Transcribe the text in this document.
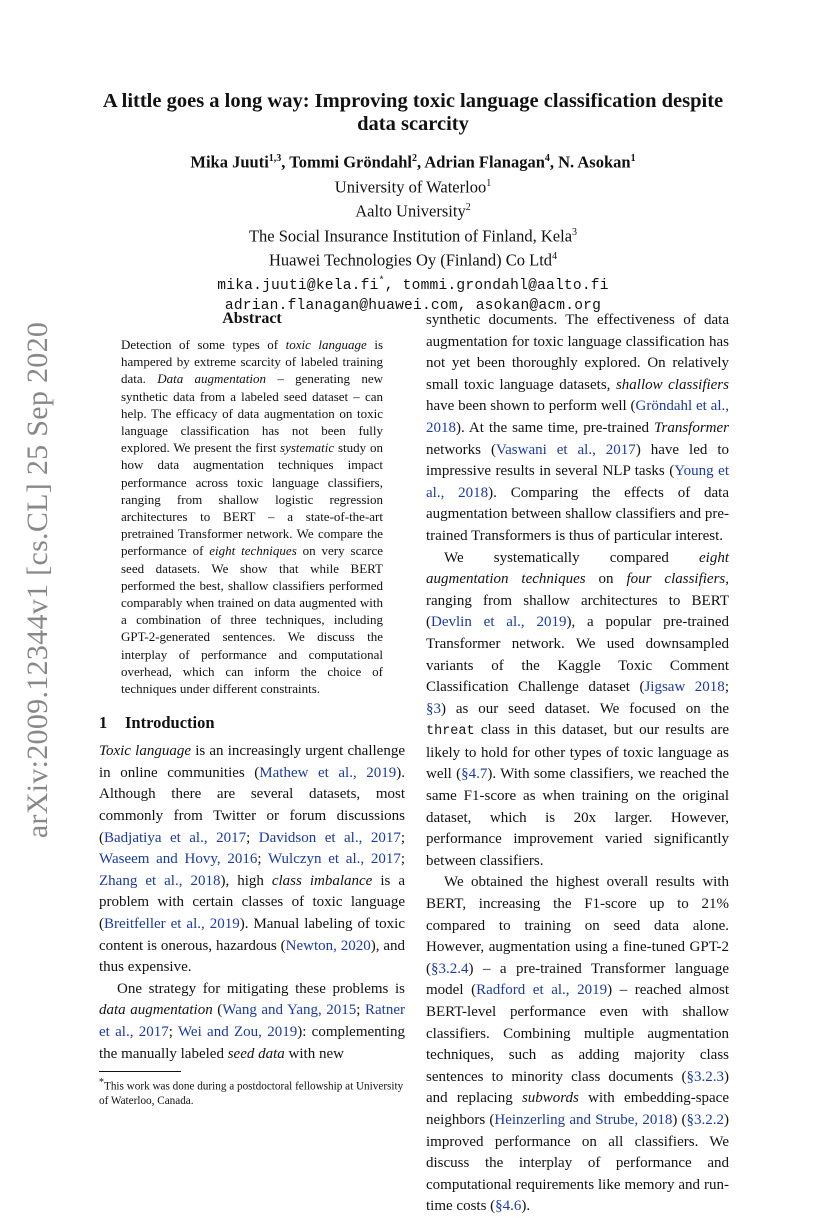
arXiv:2009.12344v1 [cs.CL] 25 Sep 2020
A little goes a long way: Improving toxic language classification despite data scarcity
Mika Juuti$^{1,3}$, Tommi Gröndahl$^2$, Adrian Flanagan$^4$, N. Asokan$^1$
University of Waterloo$^1$
Aalto University$^2$
The Social Insurance Institution of Finland, Kela$^3$
Huawei Technologies Oy (Finland) Co Ltd$^4$
mika.juuti@kela.fi*, tommi.grondahl@aalto.fi
adrian.flanagan@huawei.com, asokan@acm.org
Abstract
Detection of some types of toxic language is hampered by extreme scarcity of labeled training data. Data augmentation – generating new synthetic data from a labeled seed dataset – can help. The efficacy of data augmentation on toxic language classification has not been fully explored. We present the first systematic study on how data augmentation techniques impact performance across toxic language classifiers, ranging from shallow logistic regression architectures to BERT – a state-of-the-art pretrained Transformer network. We compare the performance of eight techniques on very scarce seed datasets. We show that while BERT performed the best, shallow classifiers performed comparably when trained on data augmented with a combination of three techniques, including GPT-2-generated sentences. We discuss the interplay of performance and computational overhead, which can inform the choice of techniques under different constraints.
1 Introduction

Toxic language is an increasingly urgent challenge in online communities (Mathew et al., 2019). Although there are several datasets, most commonly from Twitter or forum discussions (Badjatiya et al., 2017; Davidson et al., 2017; Waseem and Hovy, 2016; Wulczyn et al., 2017; Zhang et al., 2018), high class imbalance is a problem with certain classes of toxic language (Breitfeller et al., 2019). Manual labeling of toxic content is onerous, hazardous (Newton, 2020), and thus expensive.

One strategy for mitigating these problems is data augmentation (Wang and Yang, 2015; Ratner et al., 2017; Wei and Zou, 2019): complementing the manually labeled seed data with new

*This work was done during a postdoctoral fellowship at University of Waterloo, Canada.

synthetic documents. The effectiveness of data augmentation for toxic language classification has not yet been thoroughly explored. On relatively small toxic language datasets, shallow classifiers have been shown to perform well (Gröndahl et al., 2018). At the same time, pre-trained Transformer networks (Vaswani et al., 2017) have led to impressive results in several NLP tasks (Young et al., 2018). Comparing the effects of data augmentation between shallow classifiers and pre-trained Transformers is thus of particular interest.

We systematically compared eight augmentation techniques on four classifiers, ranging from shallow architectures to BERT (Devlin et al., 2019), a popular pre-trained Transformer network. We used downsampled variants of the Kaggle Toxic Comment Classification Challenge dataset (Jigsaw 2018; §3) as our seed dataset. We focused on the threat class in this dataset, but our results are likely to hold for other types of toxic language as well (§4.7). With some classifiers, we reached the same F1-score as when training on the original dataset, which is 20x larger. However, performance improvement varied significantly between classifiers.

We obtained the highest overall results with BERT, increasing the F1-score up to 21% compared to training on seed data alone. However, augmentation using a fine-tuned GPT-2 (§3.2.4) – a pre-trained Transformer language model (Radford et al., 2019) – reached almost BERT-level performance even with shallow classifiers. Combining multiple augmentation techniques, such as adding majority class sentences to minority class documents (§3.2.3) and replacing subwords with embedding-space neighbors (Heinzerling and Strube, 2018) (§3.2.2) improved performance on all classifiers. We discuss the interplay of performance and computational requirements like memory and run-time costs (§4.6).
